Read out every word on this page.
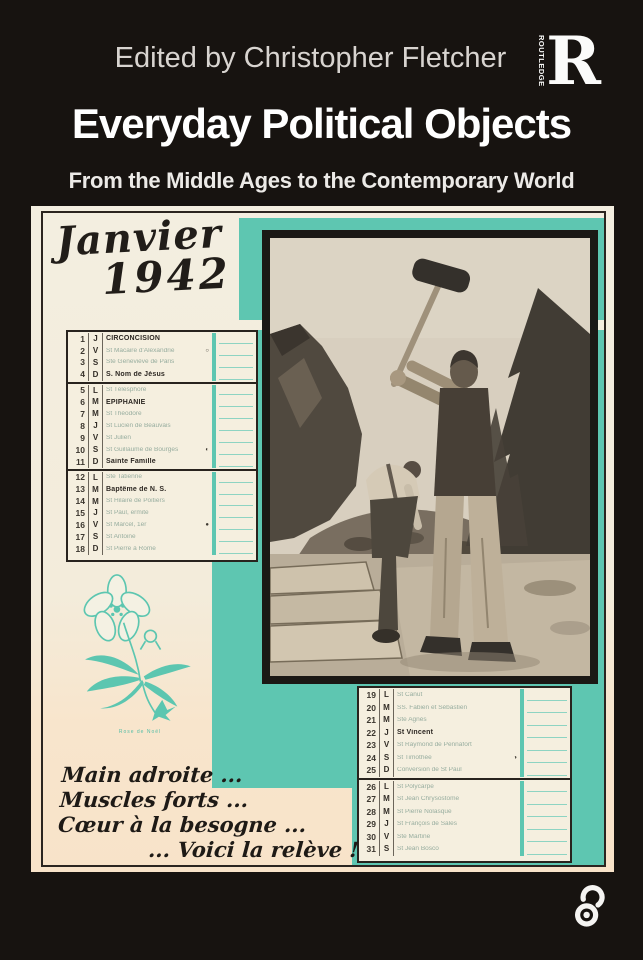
Edited by Christopher Fletcher	ROUTLEDGE R
Everyday Political Objects
From the Middle Ages to the Contemporary World
Janvier
1942
1	J	CIRCONCISION
2 V	St Macaire d'Alexandrie	○
3 S	Ste Geneviève de Paris
4 D	S. Nom de Jésus
5	L	St Télesphore
6 M	ÉPIPHANIE
7 M	St Théodore
8	J	St Lucien de Beauvais
9 V	St Julien
10 S	St Guillaume de Bourges	◐
11 D	Sainte Famille
12	L	Ste Tatienne
13 M	Baptême de N. S.
14 M	St Hilaire de Poitiers
15	J	St Paul, ermite
16 V	St Marcel, 1er	●
17 S	St Antoine
18 D	St Pierre à Rome
19	L	St Canut
20 M	SS. Fabien et Sébastien
21 M	Ste Agnès
22	J	St Vincent
23 V	St Raymond de Pennafort
24 S	St Timothée	◑
25 D	Conversion de St Paul
26	L	St Polycarpe
27 M	St Jean Chrysostome
28 M	St Pierre Nolasque
29	J	St François de Sales
30 V	Ste Martine
31 S	St Jean Bosco
Rose de Noël
Main adroite ...
Muscles forts ...
Cœur à la besogne ...
... Voici la relève !
